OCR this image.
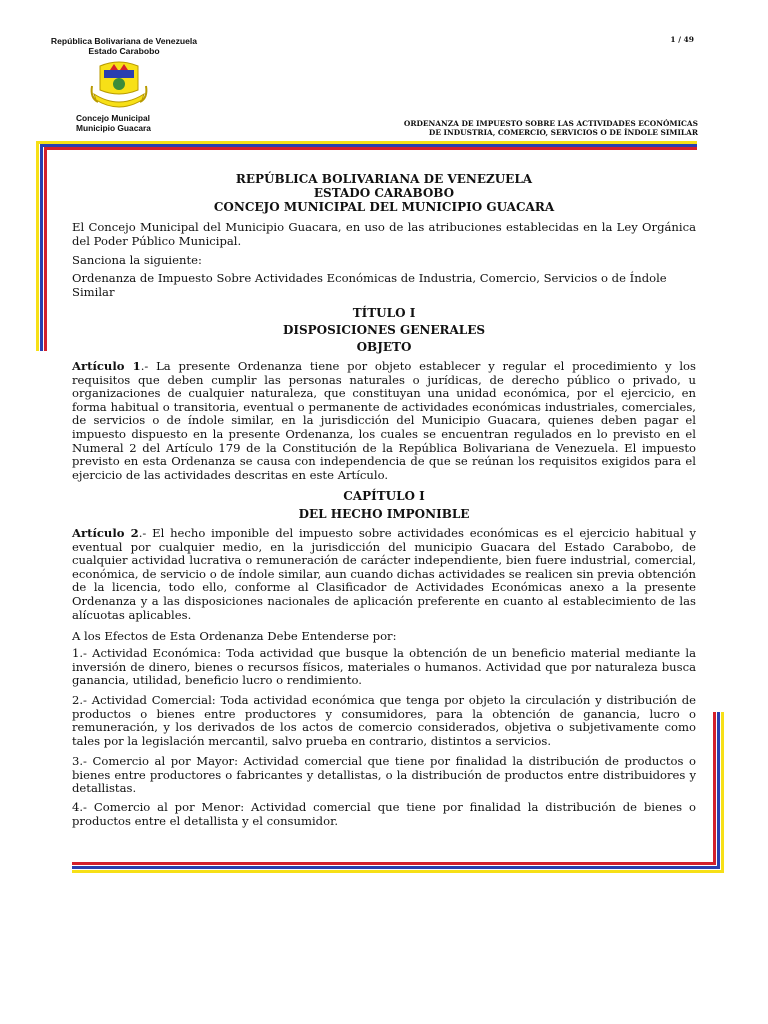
República Bolivariana de Venezuela
Estado Carabobo
Concejo Municipal
Municipio Guacara
1 / 49
ORDENANZA DE IMPUESTO SOBRE LAS ACTIVIDADES ECONÓMICAS
DE INDUSTRIA, COMERCIO, SERVICIOS O DE ÍNDOLE SIMILAR
REPÚBLICA BOLIVARIANA DE VENEZUELA
ESTADO CARABOBO
CONCEJO MUNICIPAL DEL MUNICIPIO GUACARA
El Concejo Municipal del Municipio Guacara, en uso de las atribuciones establecidas en la Ley Orgánica del Poder Público Municipal.
Sanciona la siguiente:
Ordenanza de Impuesto Sobre Actividades Económicas de Industria, Comercio, Servicios o de Índole Similar
TÍTULO I
DISPOSICIONES GENERALES
OBJETO
Artículo 1.- La presente Ordenanza tiene por objeto establecer y regular el procedimiento y los requisitos que deben cumplir las personas naturales o jurídicas, de derecho público o privado, u organizaciones de cualquier naturaleza, que constituyan una unidad económica, por el ejercicio, en forma habitual o transitoria, eventual o permanente de actividades económicas industriales, comerciales, de servicios o de índole similar, en la jurisdicción del Municipio Guacara, quienes deben pagar el impuesto dispuesto en la presente Ordenanza, los cuales se encuentran regulados en lo previsto en el Numeral 2 del Artículo 179 de la Constitución de la República Bolivariana de Venezuela. El impuesto previsto en esta Ordenanza se causa con independencia de que se reúnan los requisitos exigidos para el ejercicio de las actividades descritas en este Artículo.
CAPÍTULO I
DEL HECHO IMPONIBLE
Artículo 2.- El hecho imponible del impuesto sobre actividades económicas es el ejercicio habitual y eventual por cualquier medio, en la jurisdicción del municipio Guacara del Estado Carabobo, de cualquier actividad lucrativa o remuneración de carácter independiente, bien fuere industrial, comercial, económica, de servicio o de índole similar, aun cuando dichas actividades se realicen sin previa obtención de la licencia, todo ello, conforme al Clasificador de Actividades Económicas anexo a la presente Ordenanza y a las disposiciones nacionales de aplicación preferente en cuanto al establecimiento de las alícuotas aplicables.
A los Efectos de Esta Ordenanza Debe Entenderse por:
1.- Actividad Económica: Toda actividad que busque la obtención de un beneficio material mediante la inversión de dinero, bienes o recursos físicos, materiales o humanos. Actividad que por naturaleza busca ganancia, utilidad, beneficio lucro o rendimiento.
2.- Actividad Comercial: Toda actividad económica que tenga por objeto la circulación y distribución de productos o bienes entre productores y consumidores, para la obtención de ganancia, lucro o remuneración, y los derivados de los actos de comercio considerados, objetiva o subjetivamente como tales por la legislación mercantil, salvo prueba en contrario, distintos a servicios.
3.- Comercio al por Mayor: Actividad comercial que tiene por finalidad la distribución de productos o bienes entre productores o fabricantes y detallistas, o la distribución de productos entre distribuidores y detallistas.
4.- Comercio al por Menor: Actividad comercial que tiene por finalidad la distribución de bienes o productos entre el detallista y el consumidor.
